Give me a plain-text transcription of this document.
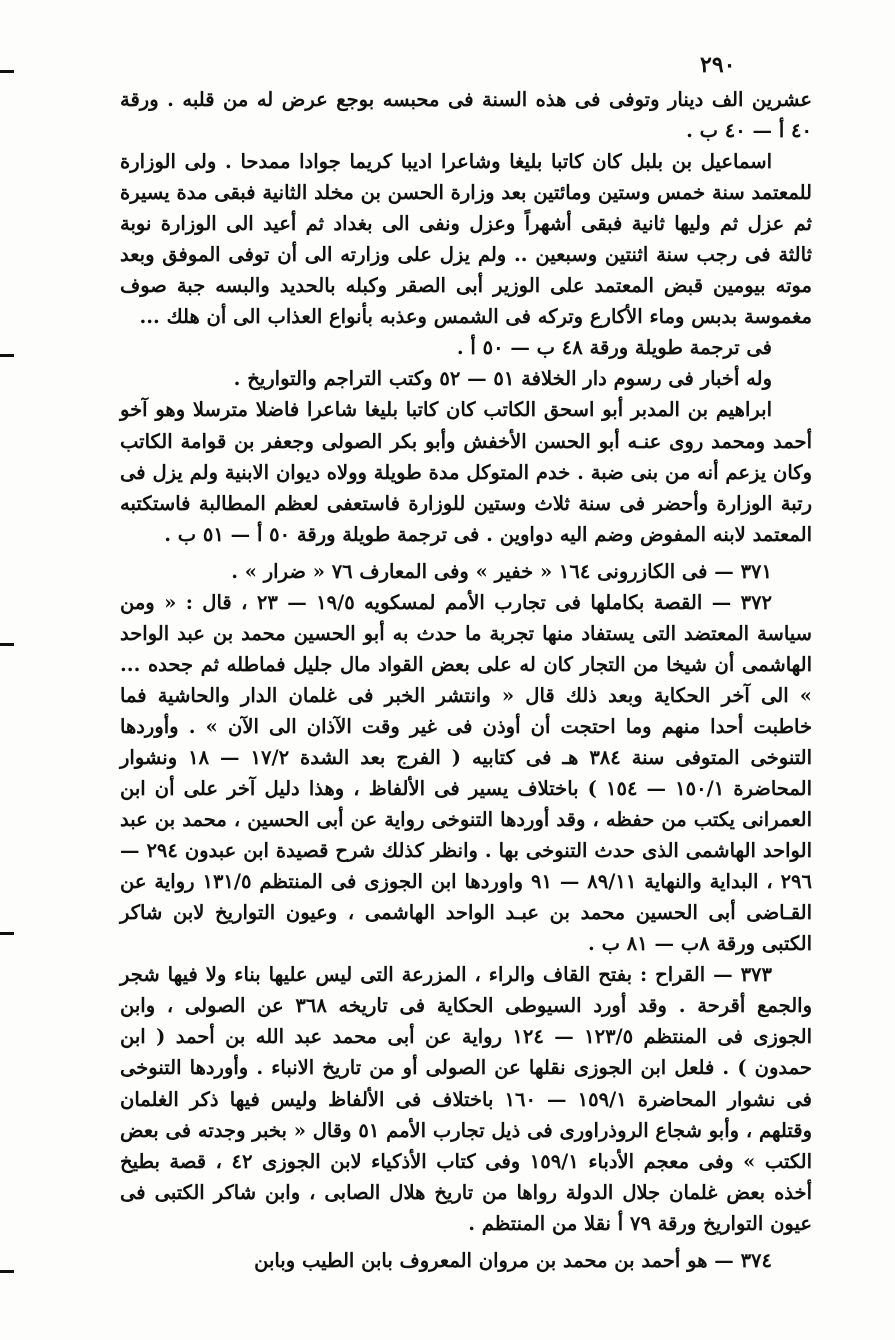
٢٩٠

عشرين الف دينار وتوفى فى هذه السنة فى محبسه بوجع عرض له من قلبه . ورقة ٤٠ أ — ٤٠ ب .

اسماعيل بن بلبل كان كاتبا بليغا وشاعرا اديبا كريما جوادا ممدحا . ولى الوزارة للمعتمد سنة خمس وستين ومائتين بعد وزارة الحسن بن مخلد الثانية فبقى مدة يسيرة ثم عزل ثم وليها ثانية فبقى أشهراً وعزل ونفى الى بغداد ثم أعيد الى الوزارة نوبة ثالثة فى رجب سنة اثنتين وسبعين .. ولم يزل على وزارته الى أن توفى الموفق وبعد موته بيومين قبض المعتمد على الوزير أبى الصقر وكبله بالحديد والبسه جبة صوف مغموسة بدبس وماء الأكارع وتركه فى الشمس وعذبه بأنواع العذاب الى أن هلك ...

فى ترجمة طويلة ورقة ٤٨ ب — ٥٠ أ .

وله أخبار فى رسوم دار الخلافة ٥١ — ٥٢ وكتب التراجم والتواريخ .

ابراهيم بن المدبر أبو اسحق الكاتب كان كاتبا بليغا شاعرا فاضلا مترسلا وهو آخو أحمد ومحمد روى عنـه أبو الحسن الأخفش وأبو بكر الصولى وجعفر بن قوامة الكاتب وكان يزعم أنه من بنى ضبة . خدم المتوكل مدة طويلة وولاه ديوان الابنية ولم يزل فى رتبة الوزارة وأحضر فى سنة ثلاث وستين للوزارة فاستعفى لعظم المطالبة فاستكتبه المعتمد لابنه المفوض وضم اليه دواوين . فى ترجمة طويلة ورقة ٥٠ أ — ٥١ ب .

٣٧١ — فى الكازرونى ١٦٤ « خفير » وفى المعارف ٧٦ « ضرار » .

٣٧٢ — القصة بكاملها فى تجارب الأمم لمسكويه ١٩/٥ — ٢٣ ، قال : « ومن سياسة المعتضد التى يستفاد منها تجربة ما حدث به أبو الحسين محمد بن عبد الواحد الهاشمى أن شيخا من التجار كان له على بعض القواد مال جليل فماطله ثم جحده ... » الى آخر الحكاية وبعد ذلك قال « وانتشر الخبر فى غلمان الدار والحاشية فما خاطبت أحدا منهم وما احتجت أن أوذن فى غير وقت الآذان الى الآن » . وأوردها التنوخى المتوفى سنة ٣٨٤ هـ فى كتابيه ( الفرج بعد الشدة ١٧/٢ — ١٨ ونشوار المحاضرة ١٥٠/١ — ١٥٤ ) باختلاف يسير فى الألفاظ ، وهذا دليل آخر على أن ابن العمرانى يكتب من حفظه ، وقد أوردها التنوخى رواية عن أبى الحسين ، محمد بن عبد الواحد الهاشمى الذى حدث التنوخى بها . وانظر كذلك شرح قصيدة ابن عبدون ٢٩٤ — ٢٩٦ ، البداية والنهاية ٨٩/١١ — ٩١ واوردها ابن الجوزى فى المنتظم ١٣١/٥ رواية عن القـاضى أبى الحسين محمد بن عبـد الواحد الهاشمى ، وعيون التواريخ لابن شاكر الكتبى ورقة ٨ب — ٨١ ب .

٣٧٣ — القراح : بفتح القاف والراء ، المزرعة التى ليس عليها بناء ولا فيها شجر والجمع أقرحة . وقد أورد السيوطى الحكاية فى تاريخه ٣٦٨ عن الصولى ، وابن الجوزى فى المنتظم ١٢٣/٥ — ١٢٤ رواية عن أبى محمد عبد الله بن أحمد ( ابن حمدون ) . فلعل ابن الجوزى نقلها عن الصولى أو من تاريخ الانباء . وأوردها التنوخى فى نشوار المحاضرة ١٥٩/١ — ١٦٠ باختلاف فى الألفاظ وليس فيها ذكر الغلمان وقتلهم ، وأبو شجاع الروذراورى فى ذيل تجارب الأمم ٥١ وقال « بخبر وجدته فى بعض الكتب » وفى معجم الأدباء ١٥٩/١ وفى كتاب الأذكياء لابن الجوزى ٤٢ ، قصة بطيخ أخذه بعض غلمان جلال الدولة رواها من تاريخ هلال الصابى ، وابن شاكر الكتبى فى عيون التواريخ ورقة ٧٩ أ نقلا من المنتظم .

٣٧٤ — هو أحمد بن محمد بن مروان المعروف بابن الطيب وبابن
